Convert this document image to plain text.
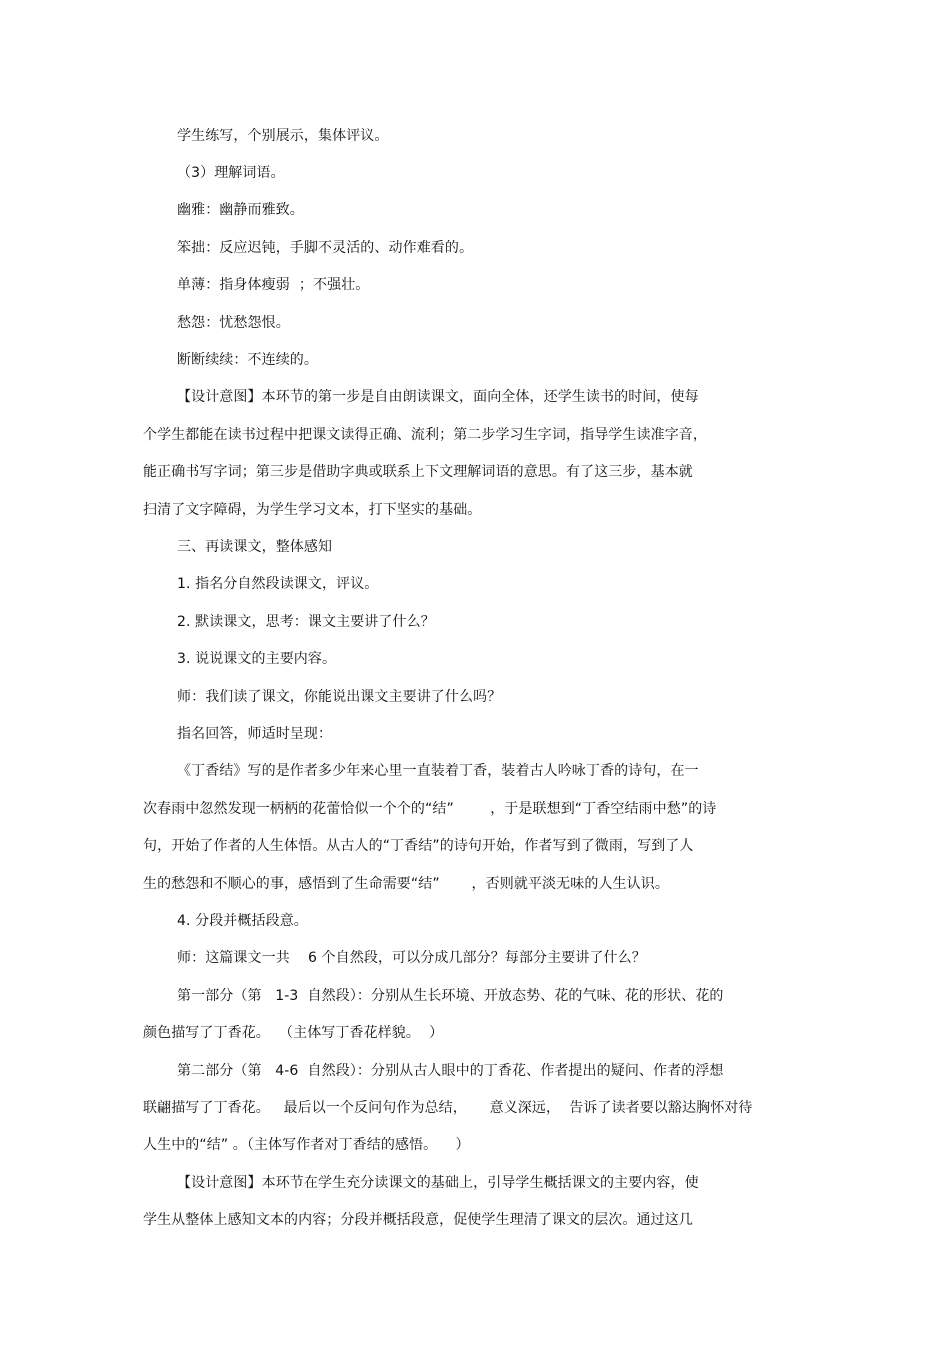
学生练写，个别展示，集体评议。
（3）理解词语。
幽雅：幽静而雅致。
笨拙：反应迟钝，手脚不灵活的、动作难看的。
单薄：指身体瘦弱  ；不强壮。
愁怨：忧愁怨恨。
断断续续：不连续的。
【设计意图】本环节的第一步是自由朗读课文，面向全体，还学生读书的时间，使每
个学生都能在读书过程中把课文读得正确、流利；第二步学习生字词，指导学生读准字音，
能正确书写字词；第三步是借助字典或联系上下文理解词语的意思。有了这三步，基本就
扫清了文字障碍，为学生学习文本，打下坚实的基础。
三、再读课文，整体感知
1. 指名分自然段读课文，评议。
2. 默读课文，思考：课文主要讲了什么？
3. 说说课文的主要内容。
师：我们读了课文，你能说出课文主要讲了什么吗？
指名回答，师适时呈现：
《丁香结》写的是作者多少年来心里一直装着丁香，装着古人吟咏丁香的诗句，在一
次春雨中忽然发现一柄柄的花蕾恰似一个个的“结”        ，于是联想到“丁香空结雨中愁”的诗
句，开始了作者的人生体悟。从古人的“丁香结”的诗句开始，作者写到了微雨，写到了人
生的愁怨和不顺心的事，感悟到了生命需要“结”       ，否则就平淡无味的人生认识。
4. 分段并概括段意。
师：这篇课文一共    6 个自然段，可以分成几部分？每部分主要讲了什么？
第一部分（第   1-3  自然段）：分别从生长环境、开放态势、花的气味、花的形状、花的
颜色描写了丁香花。  （主体写丁香花样貌。  ）
第二部分（第   4-6  自然段）：分别从古人眼中的丁香花、作者提出的疑问、作者的浮想
联翩描写了丁香花。   最后以一个反问句作为总结，     意义深远，  告诉了读者要以豁达胸怀对待
人生中的“结” 。（主体写作者对丁香结的感悟。    ）
【设计意图】本环节在学生充分读课文的基础上，引导学生概括课文的主要内容，使
学生从整体上感知文本的内容；分段并概括段意，促使学生理清了课文的层次。通过这几
